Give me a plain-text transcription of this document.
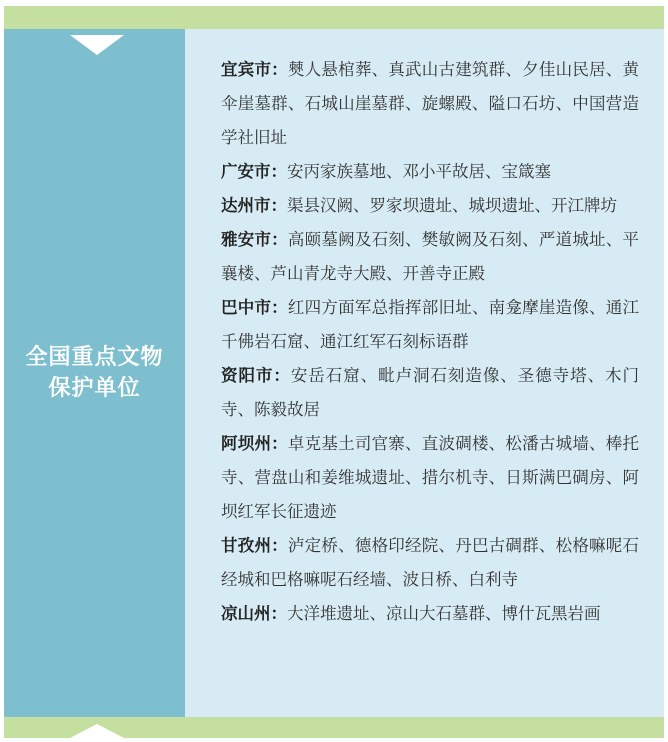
全国重点文物
保护单位

宜宾市：僰人悬棺葬、真武山古建筑群、夕佳山民居、黄伞崖墓群、石城山崖墓群、旋螺殿、隘口石坊、中国营造学社旧址

广安市：安丙家族墓地、邓小平故居、宝箴塞

达州市：渠县汉阙、罗家坝遗址、城坝遗址、开江牌坊

雅安市：高颐墓阙及石刻、樊敏阙及石刻、严道城址、平襄楼、芦山青龙寺大殿、开善寺正殿

巴中市：红四方面军总指挥部旧址、南龛摩崖造像、通江千佛岩石窟、通江红军石刻标语群

资阳市：安岳石窟、毗卢洞石刻造像、圣德寺塔、木门寺、陈毅故居

阿坝州：卓克基土司官寨、直波碉楼、松潘古城墙、棒托寺、营盘山和姜维城遗址、措尔机寺、日斯满巴碉房、阿坝红军长征遗迹

甘孜州：泸定桥、德格印经院、丹巴古碉群、松格嘛呢石经城和巴格嘛呢石经墙、波日桥、白利寺

凉山州：大洋堆遗址、凉山大石墓群、博什瓦黑岩画
